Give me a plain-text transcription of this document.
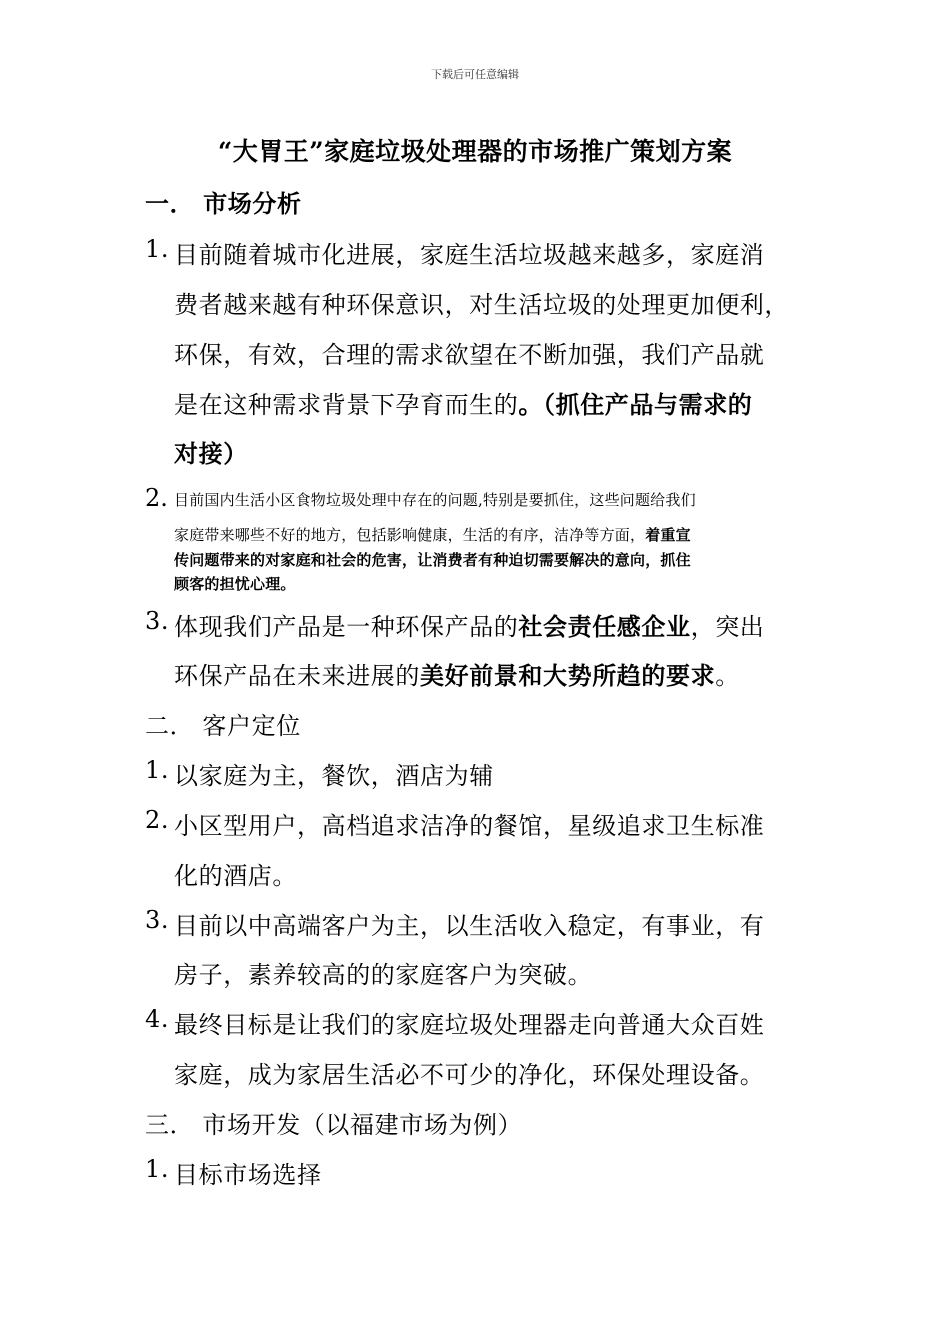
下载后可任意编辑
“大胃王”家庭垃圾处理器的市场推广策划方案
一． 市场分析
1. 目前随着城市化进展，家庭生活垃圾越来越多，家庭消
费者越来越有种环保意识，对生活垃圾的处理更加便利，
环保，有效，合理的需求欲望在不断加强，我们产品就
是在这种需求背景下孕育而生的。（抓住产品与需求的
对接）
2. 目前国内生活小区食物垃圾处理中存在的问题,特别是要抓住，这些问题给我们
家庭带来哪些不好的地方，包括影响健康，生活的有序，洁净等方面，着重宣
传问题带来的对家庭和社会的危害，让消费者有种迫切需要解决的意向，抓住
顾客的担忧心理。
3. 体现我们产品是一种环保产品的社会责任感企业，突出
环保产品在未来进展的美好前景和大势所趋的要求。
二． 客户定位
1. 以家庭为主，餐饮，酒店为辅
2. 小区型用户，高档追求洁净的餐馆，星级追求卫生标准
化的酒店。
3. 目前以中高端客户为主，以生活收入稳定，有事业，有
房子，素养较高的的家庭客户为突破。
4. 最终目标是让我们的家庭垃圾处理器走向普通大众百姓
家庭，成为家居生活必不可少的净化，环保处理设备。
三． 市场开发（以福建市场为例）
1. 目标市场选择
